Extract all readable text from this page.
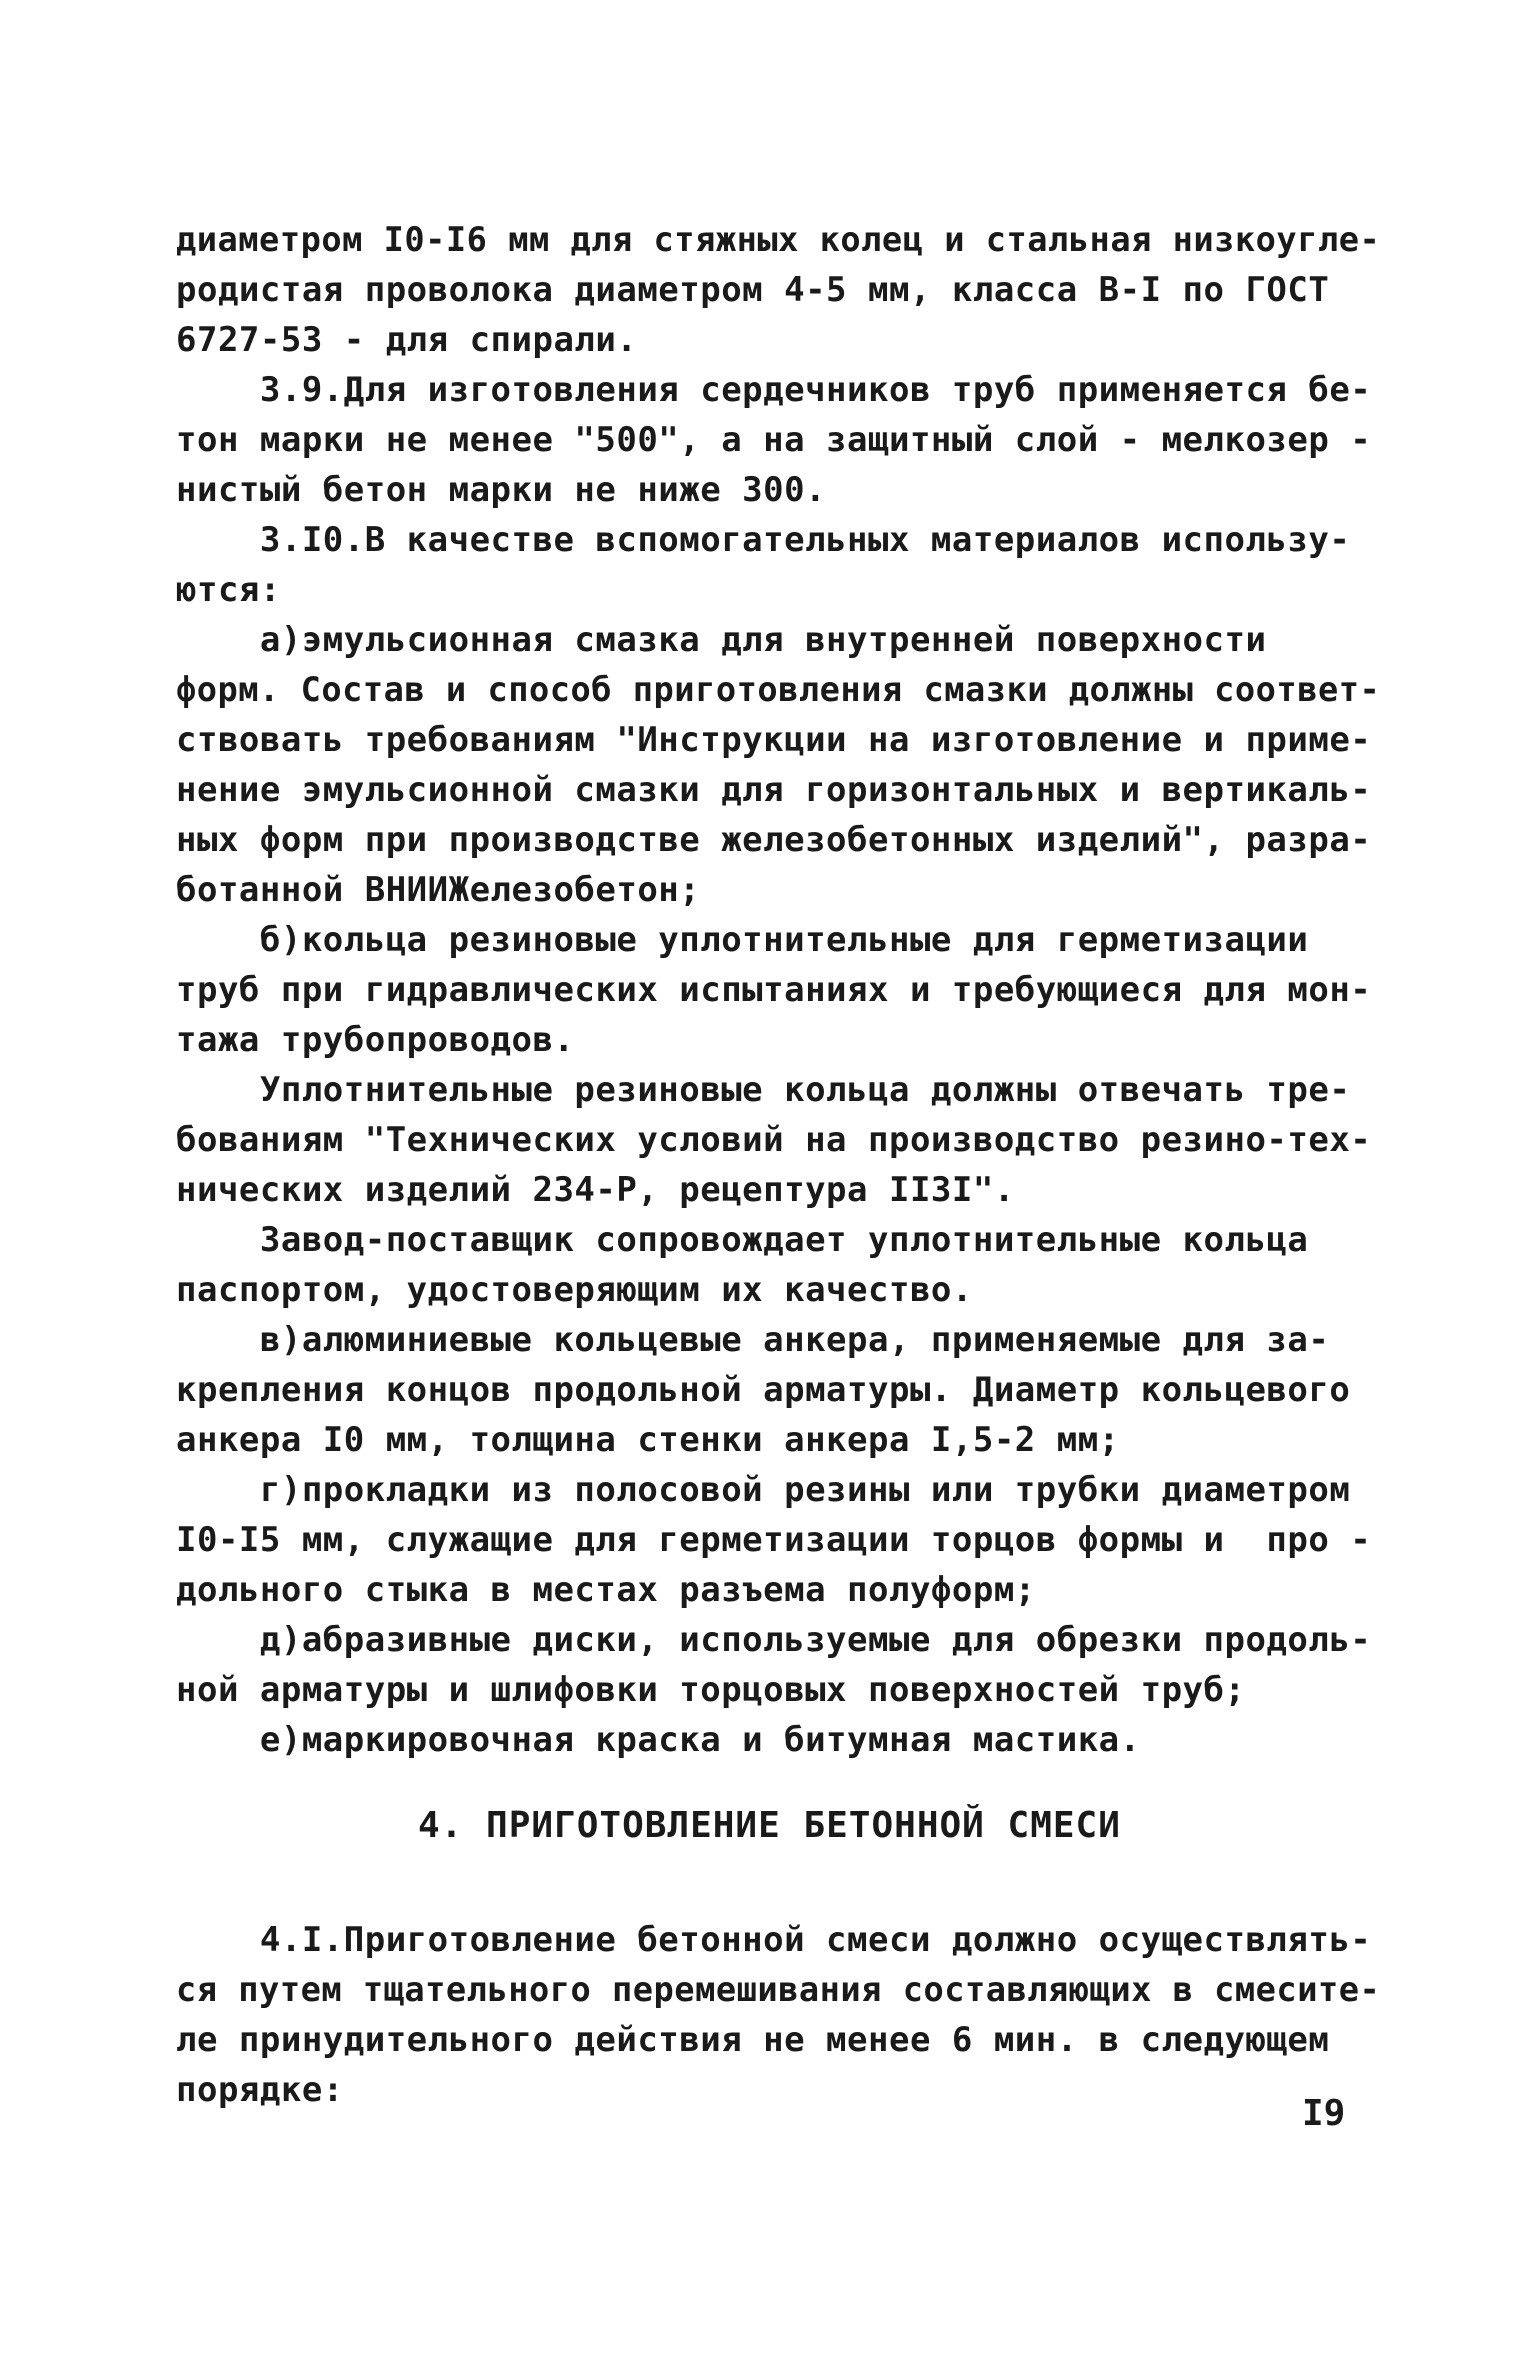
диаметром I0-I6 мм для стяжных колец и стальная низкоугле-
родистая проволока диаметром 4-5 мм, класса В-I по ГОСТ
6727-53 - для спирали.
3.9.Для изготовления сердечников труб применяется бе-
тон марки не менее "500", а на защитный слой - мелкозер -
нистый бетон марки не ниже 300.
3.I0.В качестве вспомогательных материалов использу-
ются:
а)эмульсионная смазка для внутренней поверхности
форм. Состав и способ приготовления смазки должны соответ-
ствовать требованиям "Инструкции на изготовление и приме-
нение эмульсионной смазки для горизонтальных и вертикаль-
ных форм при производстве железобетонных изделий", разра-
ботанной ВНИИЖелезобетон;
б)кольца резиновые уплотнительные для герметизации
труб при гидравлических испытаниях и требующиеся для мон-
тажа трубопроводов.
Уплотнительные резиновые кольца должны отвечать тре-
бованиям "Технических условий на производство резино-тех-
нических изделий 234-Р, рецептура II3I".
Завод-поставщик сопровождает уплотнительные кольца
паспортом, удостоверяющим их качество.
в)алюминиевые кольцевые анкера, применяемые для за-
крепления концов продольной арматуры. Диаметр кольцевого
анкера I0 мм, толщина стенки анкера I,5-2 мм;
г)прокладки из полосовой резины или трубки диаметром
I0-I5 мм, служащие для герметизации торцов формы и  про -
дольного стыка в местах разъема полуформ;
д)абразивные диски, используемые для обрезки продоль-
ной арматуры и шлифовки торцовых поверхностей труб;
е)маркировочная краска и битумная мастика.
4. ПРИГОТОВЛЕНИЕ БЕТОННОЙ СМЕСИ
4.I.Приготовление бетонной смеси должно осуществлять-
ся путем тщательного перемешивания составляющих в смесите-
ле принудительного действия не менее 6 мин. в следующем
порядке:
I9
